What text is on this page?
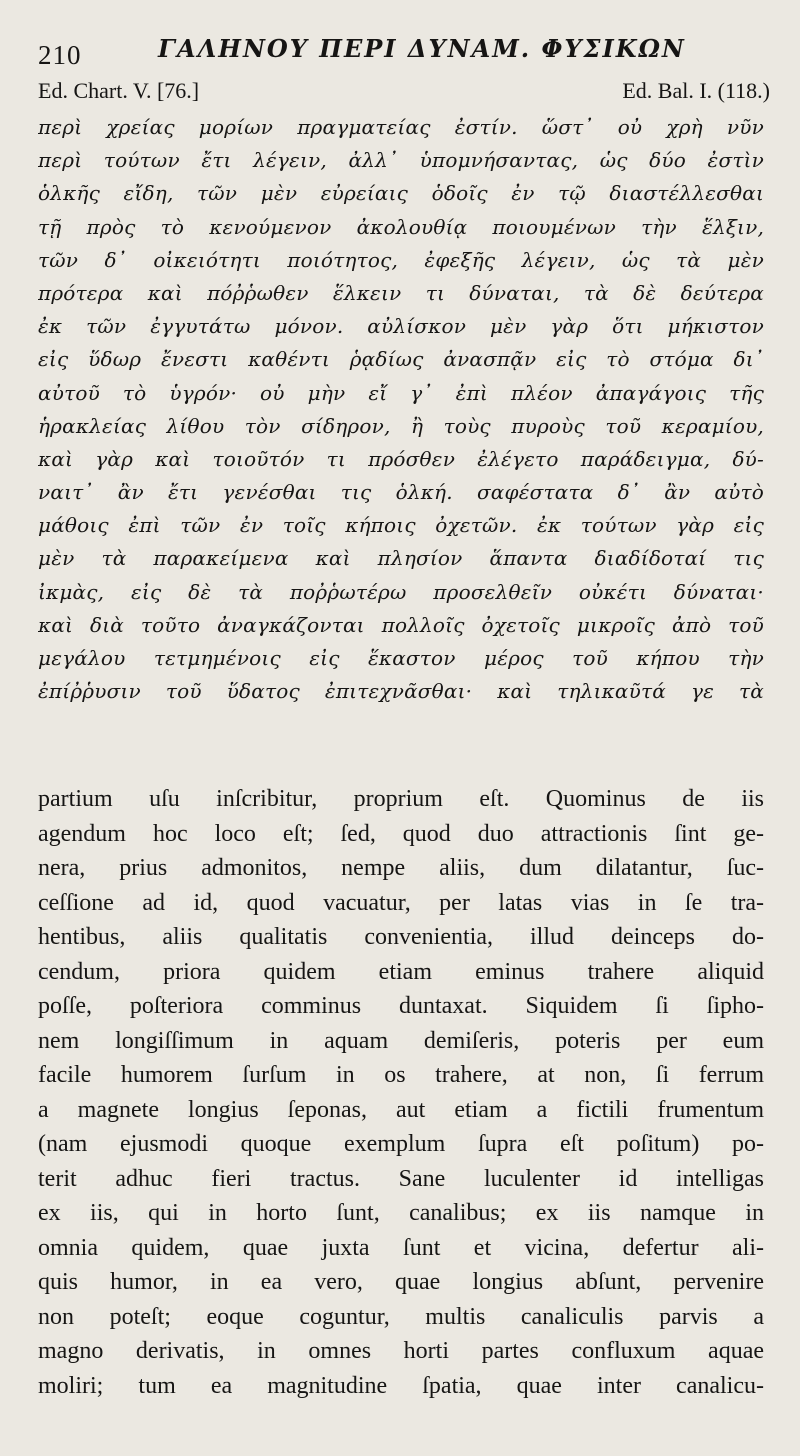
210	ΓΑΛΗΝΟΥ ΠΕΡΙ ΔΥΝΑΜ. ΦΥΣΙΚΩΝ
Ed. Chart. V. [76.]	Ed. Bal. I. (118.)
περὶ χρείας μορίων πραγματείας ἐστίν. ὥστ᾽ οὐ χρὴ νῦν
περὶ τούτων ἔτι λέγειν, ἀλλ᾽ ὑπομνήσαντας, ὡς δύο ἐστὶν
ὁλκῆς εἴδη, τῶν μὲν εὐρείαις ὁδοῖς ἐν τῷ διαστέλλεσθαι
τῇ πρὸς τὸ κενούμενον ἀκολουθίᾳ ποιουμένων τὴν ἕλξιν,
τῶν δ᾽ οἰκειότητι ποιότητος, ἐφεξῆς λέγειν, ὡς τὰ μὲν
πρότερα καὶ πόῤῥωθεν ἕλκειν τι δύναται, τὰ δὲ δεύτερα
ἐκ τῶν ἐγγυτάτω μόνον. αὐλίσκον μὲν γὰρ ὅτι μήκιστον
εἰς ὕδωρ ἔνεστι καθέντι ῥᾳδίως ἀνασπᾷν εἰς τὸ στόμα δι᾽
αὐτοῦ τὸ ὑγρόν· οὐ μὴν εἴ γ᾽ ἐπὶ πλέον ἀπαγάγοις τῆς
ἡρακλείας λίθου τὸν σίδηρον, ἢ τοὺς πυροὺς τοῦ κεραμίου,
καὶ γὰρ καὶ τοιοῦτόν τι πρόσθεν ἐλέγετο παράδειγμα, δύ-
ναιτ᾽ ἂν ἔτι γενέσθαι τις ὁλκή. σαφέστατα δ᾽ ἂν αὐτὸ
μάθοις ἐπὶ τῶν ἐν τοῖς κήποις ὀχετῶν. ἐκ τούτων γὰρ εἰς
μὲν τὰ παρακείμενα καὶ πλησίον ἅπαντα διαδίδοταί τις
ἰκμὰς, εἰς δὲ τὰ ποῤῥωτέρω προσελθεῖν οὐκέτι δύναται·
καὶ διὰ τοῦτο ἀναγκάζονται πολλοῖς ὀχετοῖς μικροῖς ἀπὸ τοῦ
μεγάλου τετμημένοις εἰς ἕκαστον μέρος τοῦ κήπου τὴν
ἐπίῤῥυσιν τοῦ ὕδατος ἐπιτεχνᾶσθαι· καὶ τηλικαῦτά γε τὰ
partium uſu inſcribitur, proprium eſt. Quominus de iis
agendum hoc loco eſt; ſed, quod duo attractionis ſint ge-
nera, prius admonitos, nempe aliis, dum dilatantur, ſuc-
ceſſione ad id, quod vacuatur, per latas vias in ſe tra-
hentibus, aliis qualitatis convenientia, illud deinceps do-
cendum, priora quidem etiam eminus trahere aliquid
poſſe, poſteriora comminus duntaxat. Siquidem ſi ſipho-
nem longiſſimum in aquam demiſeris, poteris per eum
facile humorem ſurſum in os trahere, at non, ſi ferrum
a magnete longius ſeponas, aut etiam a fictili frumentum
(nam ejusmodi quoque exemplum ſupra eſt poſitum) po-
terit adhuc fieri tractus. Sane luculenter id intelligas
ex iis, qui in horto ſunt, canalibus; ex iis namque in
omnia quidem, quae juxta ſunt et vicina, defertur ali-
quis humor, in ea vero, quae longius abſunt, pervenire
non poteſt; eoque coguntur, multis canaliculis parvis a
magno derivatis, in omnes horti partes confluxum aquae
moliri; tum ea magnitudine ſpatia, quae inter canalicu-
